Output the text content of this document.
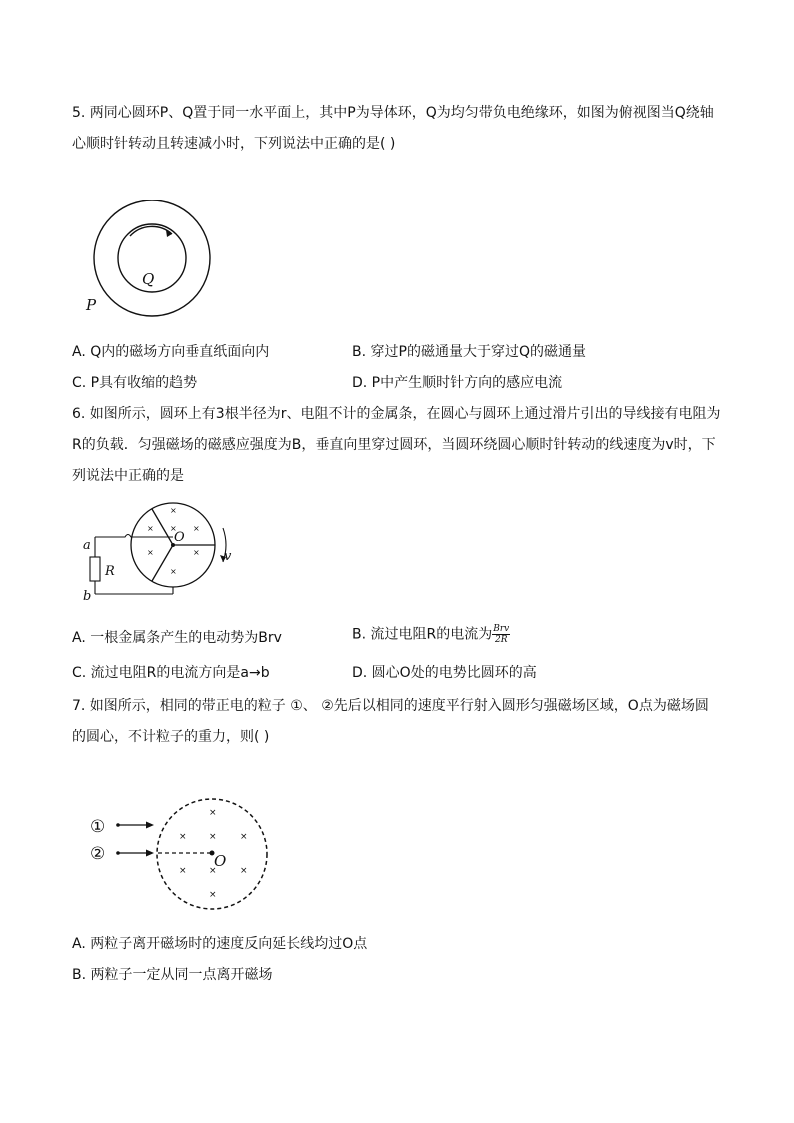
5. 两同心圆环P、Q置于同一水平面上，其中P为导体环，Q为均匀带负电绝缘环，如图为俯视图当Q绕轴
心顺时针转动且转速减小时，下列说法中正确的是( )
Q
P
A. Q内的磁场方向垂直纸面向内	B. 穿过P的磁通量大于穿过Q的磁通量
C. P具有收缩的趋势	D. P中产生顺时针方向的感应电流
6. 如图所示，圆环上有3根半径为r、电阻不计的金属条，在圆心与圆环上通过滑片引出的导线接有电阻为
R的负载．匀强磁场的磁感应强度为B，垂直向里穿过圆环，当圆环绕圆心顺时针转动的线速度为v时，下
列说法中正确的是
×
× × ×
×	×
×
O
a
R
b
v
A. 一根金属条产生的电动势为Brv	B. 流过电阻R的电流为 $\frac{\text{Brv}}{2R}$
C. 流过电阻R的电流方向是a→b	D. 圆心O处的电势比圆环的高
7. 如图所示，相同的带正电的粒子 ①、 ②先后以相同的速度平行射入圆形匀强磁场区域，O点为磁场圆
的圆心，不计粒子的重力，则( )
①
②	O
×
× ×	×
× ×	×
×
A. 两粒子离开磁场时的速度反向延长线均过O点
B. 两粒子一定从同一点离开磁场
